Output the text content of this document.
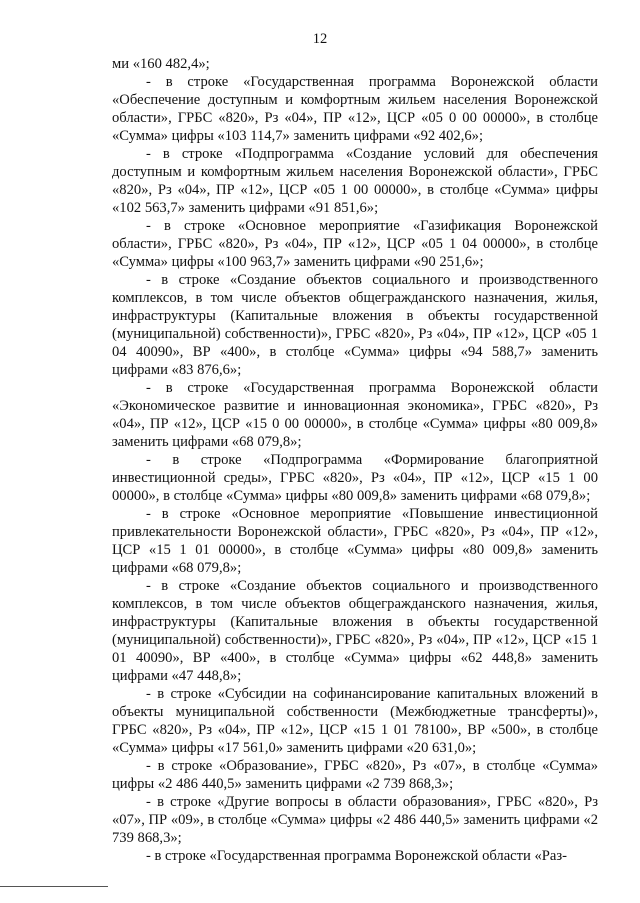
12

ми «160 482,4»;

- в строке «Государственная программа Воронежской области «Обеспечение доступным и комфортным жильем населения Воронежской области», ГРБС «820», Рз «04», ПР «12», ЦСР «05 0 00 00000», в столбце «Сумма» цифры «103 114,7» заменить цифрами «92 402,6»;

- в строке «Подпрограмма «Создание условий для обеспечения доступным и комфортным жильем населения Воронежской области», ГРБС «820», Рз «04», ПР «12», ЦСР «05 1 00 00000», в столбце «Сумма» цифры «102 563,7» заменить цифрами «91 851,6»;

- в строке «Основное мероприятие «Газификация Воронежской области», ГРБС «820», Рз «04», ПР «12», ЦСР «05 1 04 00000», в столбце «Сумма» цифры «100 963,7» заменить цифрами «90 251,6»;

- в строке «Создание объектов социального и производственного комплексов, в том числе объектов общегражданского назначения, жилья, инфраструктуры (Капитальные вложения в объекты государственной (муниципальной) собственности)», ГРБС «820», Рз «04», ПР «12», ЦСР «05 1 04 40090», ВР «400», в столбце «Сумма» цифры «94 588,7» заменить цифрами «83 876,6»;

- в строке «Государственная программа Воронежской области «Экономическое развитие и инновационная экономика», ГРБС «820», Рз «04», ПР «12», ЦСР «15 0 00 00000», в столбце «Сумма» цифры «80 009,8» заменить цифрами «68 079,8»;

- в строке «Подпрограмма «Формирование благоприятной инвестиционной среды», ГРБС «820», Рз «04», ПР «12», ЦСР «15 1 00 00000», в столбце «Сумма» цифры «80 009,8» заменить цифрами «68 079,8»;

- в строке «Основное мероприятие «Повышение инвестиционной привлекательности Воронежской области», ГРБС «820», Рз «04», ПР «12», ЦСР «15 1 01 00000», в столбце «Сумма» цифры «80 009,8» заменить цифрами «68 079,8»;

- в строке «Создание объектов социального и производственного комплексов, в том числе объектов общегражданского назначения, жилья, инфраструктуры (Капитальные вложения в объекты государственной (муниципальной) собственности)», ГРБС «820», Рз «04», ПР «12», ЦСР «15 1 01 40090», ВР «400», в столбце «Сумма» цифры «62 448,8» заменить цифрами «47 448,8»;

- в строке «Субсидии на софинансирование капитальных вложений в объекты муниципальной собственности (Межбюджетные трансферты)», ГРБС «820», Рз «04», ПР «12», ЦСР «15 1 01 78100», ВР «500», в столбце «Сумма» цифры «17 561,0» заменить цифрами «20 631,0»;

- в строке «Образование», ГРБС «820», Рз «07», в столбце «Сумма» цифры «2 486 440,5» заменить цифрами «2 739 868,3»;

- в строке «Другие вопросы в области образования», ГРБС «820», Рз «07», ПР «09», в столбце «Сумма» цифры «2 486 440,5» заменить цифрами «2 739 868,3»;

- в строке «Государственная программа Воронежской области «Раз-
